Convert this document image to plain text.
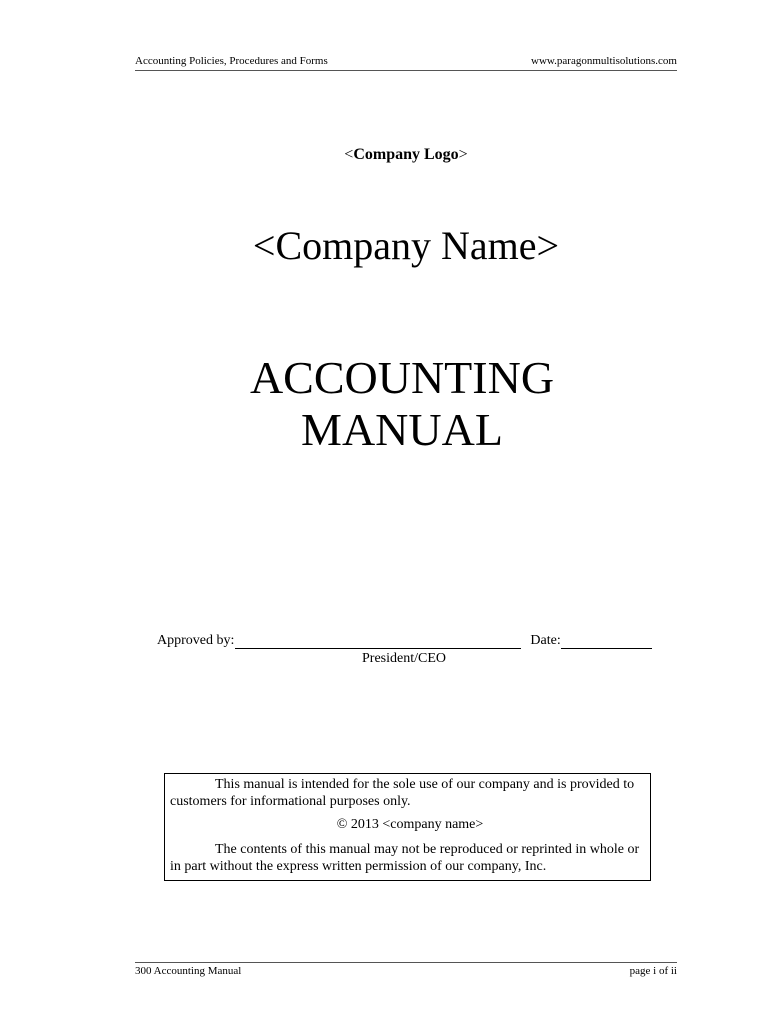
Accounting Policies, Procedures and Forms	www.paragonmultisolutions.com
<Company Logo>
<Company Name>
ACCOUNTING
MANUAL
Approved by:	Date:
President/CEO

This manual is intended for the sole use of our company and is provided to customers for informational purposes only.

© 2013 <company name>

The contents of this manual may not be reproduced or reprinted in whole or in part without the express written permission of our company, Inc.

300 Accounting Manual	page i of ii
